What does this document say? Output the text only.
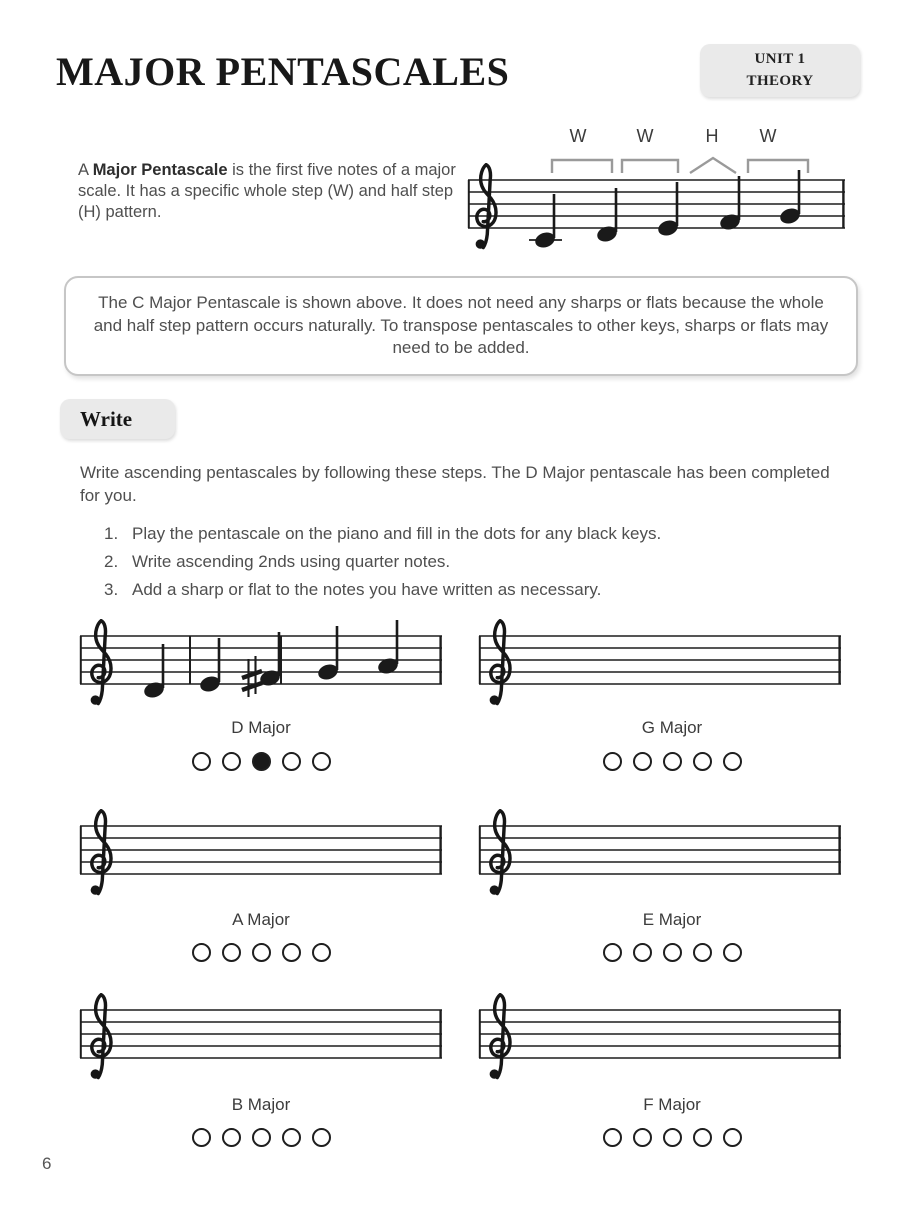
MAJOR PENTASCALES	UNIT 1
THEORY

A Major Pentascale is the first five notes of a major scale. It has a specific whole step (W) and half step (H) pattern.

W	W	H	W

The C Major Pentascale is shown above. It does not need any sharps or flats because the whole and half step pattern occurs naturally. To transpose pentascales to other keys, sharps or flats may need to be added.

Write

Write ascending pentascales by following these steps. The D Major pentascale has been completed for you.

1. Play the pentascale on the piano and fill in the dots for any black keys.
2. Write ascending 2nds using quarter notes.
3. Add a sharp or flat to the notes you have written as necessary.
D Major	G Major
A Major	E Major
B Major	F Major
6
